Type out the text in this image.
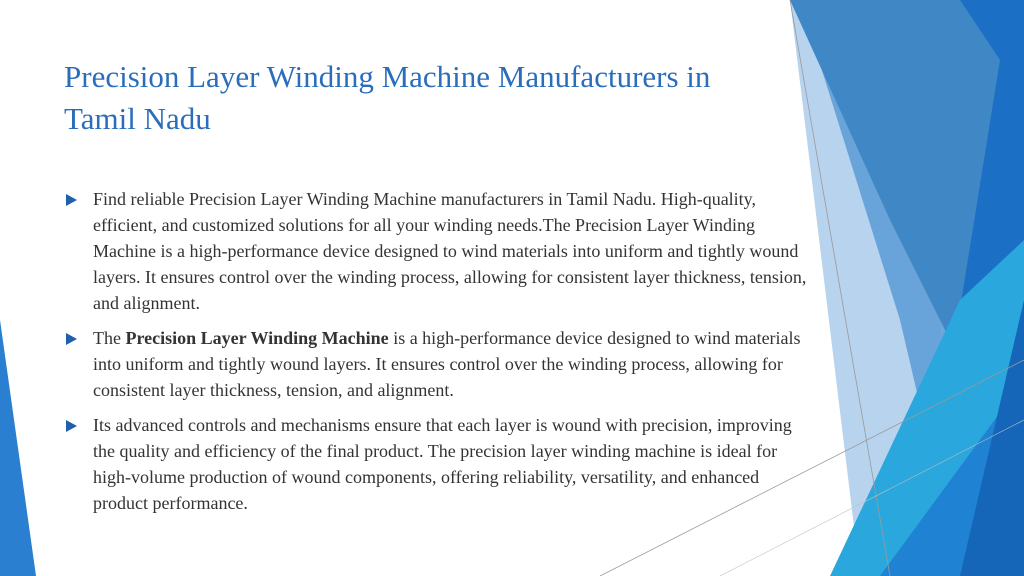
Precision Layer Winding Machine Manufacturers in Tamil Nadu
Find reliable Precision Layer Winding Machine manufacturers in Tamil Nadu. High-quality, efficient, and customized solutions for all your winding needs.The Precision Layer Winding Machine is a high-performance device designed to wind materials into uniform and tightly wound layers. It ensures control over the winding process, allowing for consistent layer thickness, tension, and alignment.
The Precision Layer Winding Machine is a high-performance device designed to wind materials into uniform and tightly wound layers. It ensures control over the winding process, allowing for consistent layer thickness, tension, and alignment.
Its advanced controls and mechanisms ensure that each layer is wound with precision, improving the quality and efficiency of the final product. The precision layer winding machine is ideal for high-volume production of wound components, offering reliability, versatility, and enhanced product performance.
